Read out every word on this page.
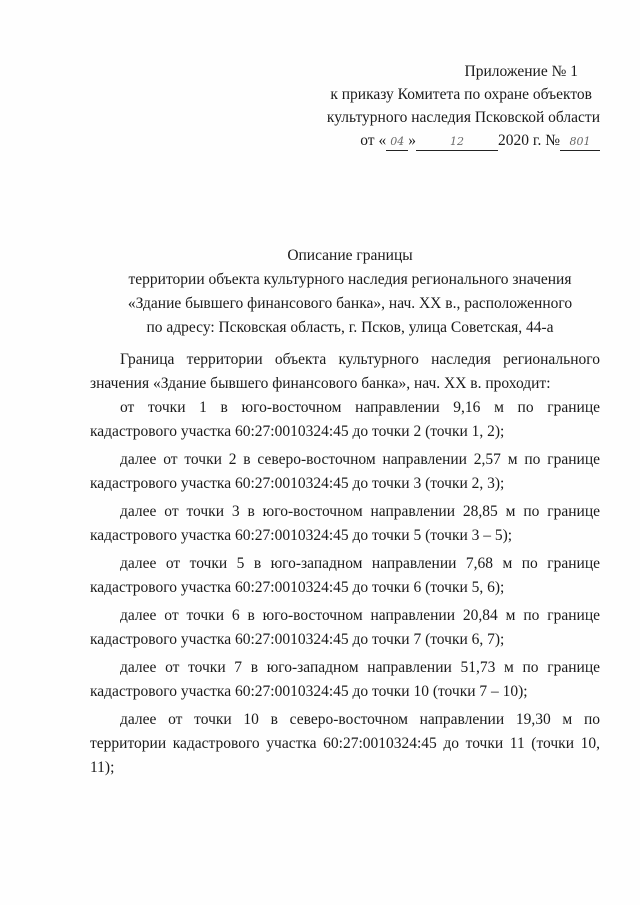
Приложение № 1
к приказу Комитета по охране объектов
культурного наследия Псковской области
от « 04 »	12 2020 г. № 801
Описание границы
территории объекта культурного наследия регионального значения
«Здание бывшего финансового банка», нач. ХХ в., расположенного
по адресу: Псковская область, г. Псков, улица Советская, 44-а

Граница территории объекта культурного наследия регионального значения «Здание бывшего финансового банка», нач. ХХ в. проходит:

от точки 1 в юго-восточном направлении 9,16 м по границе кадастрового участка 60:27:0010324:45 до точки 2 (точки 1, 2);

далее от точки 2 в северо-восточном направлении 2,57 м по границе кадастрового участка 60:27:0010324:45 до точки 3 (точки 2, 3);

далее от точки 3 в юго-восточном направлении 28,85 м по границе кадастрового участка 60:27:0010324:45 до точки 5 (точки 3 – 5);

далее от точки 5 в юго-западном направлении 7,68 м по границе кадастрового участка 60:27:0010324:45 до точки 6 (точки 5, 6);

далее от точки 6 в юго-восточном направлении 20,84 м по границе кадастрового участка 60:27:0010324:45 до точки 7 (точки 6, 7);

далее от точки 7 в юго-западном направлении 51,73 м по границе кадастрового участка 60:27:0010324:45 до точки 10 (точки 7 – 10);

далее от точки 10 в северо-восточном направлении 19,30 м по территории кадастрового участка 60:27:0010324:45 до точки 11 (точки 10, 11);
